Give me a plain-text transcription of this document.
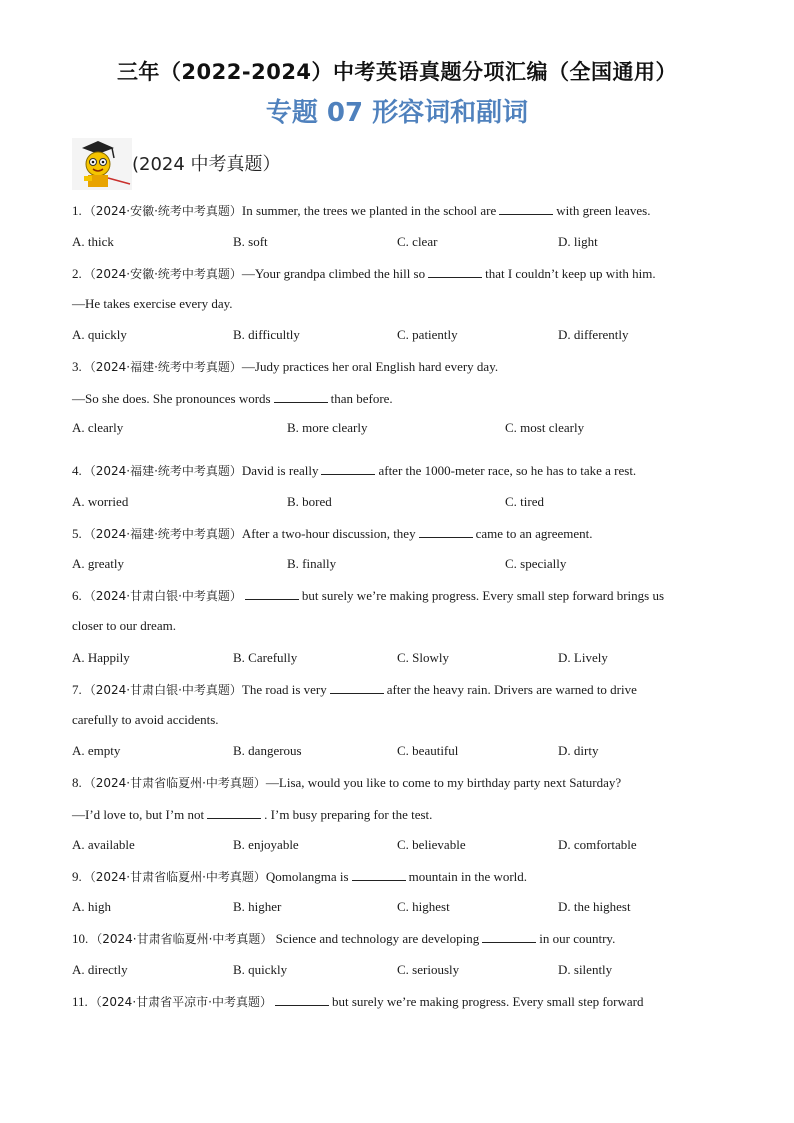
三年（2022-2024）中考英语真题分项汇编（全国通用）
专题 07 形容词和副词
(2024 中考真题）
1. （2024·安徽·统考中考真题）In summer, the trees we planted in the school are	with green leaves.
A. thick	B. soft	C. clear	D. light
2. （2024·安徽·统考中考真题）—Your grandpa climbed the hill so	that I couldn’t keep up with him.
—He takes exercise every day.
A. quickly	B. difficultly	C. patiently	D. differently
3. （2024·福建·统考中考真题）—Judy practices her oral English hard every day.
—So she does. She pronounces words	than before.
A. clearly	B. more clearly	C. most clearly
4. （2024·福建·统考中考真题）David is really	after the 1000-meter race, so he has to take a rest.
A. worried	B. bored	C. tired
5. （2024·福建·统考中考真题）After a two-hour discussion, they	came to an agreement.
A. greatly	B. finally	C. specially
6. （2024·甘肃白银·中考真题）	but surely we’re making progress. Every small step forward brings us
closer to our dream.
A. Happily	B. Carefully	C. Slowly	D. Lively
7. （2024·甘肃白银·中考真题）The road is very	after the heavy rain. Drivers are warned to drive
carefully to avoid accidents.
A. empty	B. dangerous	C. beautiful	D. dirty
8. （2024·甘肃省临夏州·中考真题）—Lisa, would you like to come to my birthday party next Saturday?
—I’d love to, but I’m not	. I’m busy preparing for the test.
A. available	B. enjoyable	C. believable	D. comfortable
9. （2024·甘肃省临夏州·中考真题）Qomolangma is	mountain in the world.
A. high	B. higher	C. highest	D. the highest
10. （2024·甘肃省临夏州·中考真题） Science and technology are developing	in our country.
A. directly	B. quickly	C. seriously	D. silently
11. （2024·甘肃省平凉市·中考真题）	but surely we’re making progress. Every small step forward
